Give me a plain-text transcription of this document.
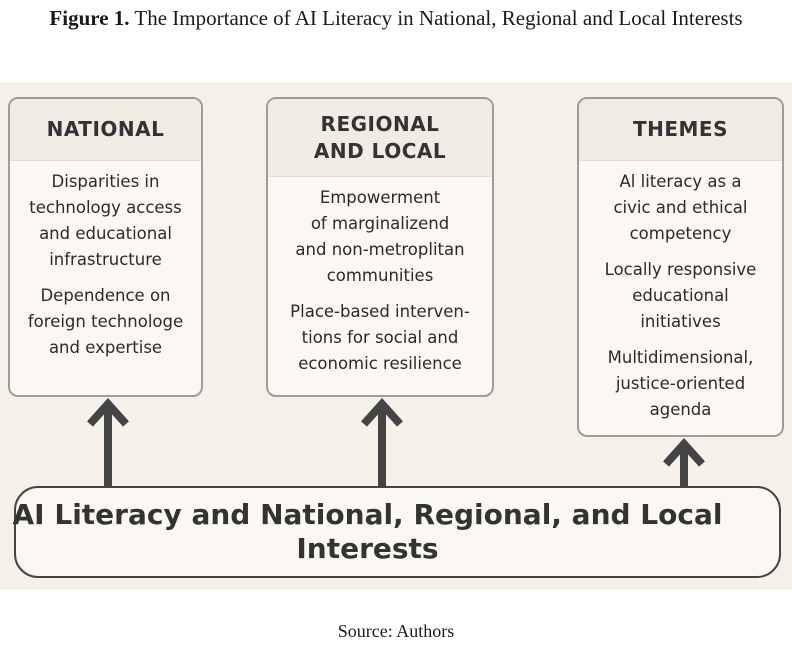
Figure 1. The Importance of AI Literacy in National, Regional and Local Interests
NATIONAL
Disparities in
technology access
and educational
infrastructure
Dependence on
foreign technologe
and expertise
REGIONAL
AND LOCAL
Empowerment
of marginalizend
and non-metroplitan
communities
Place-based interven-
tions for social and
economic resilience
THEMES
Al literacy as a
civic and ethical
competency
Locally responsive
educational
initiatives
Multidimensional,
justice-oriented
agenda
AI Literacy and National, Regional, and Local
Interests
Source: Authors
